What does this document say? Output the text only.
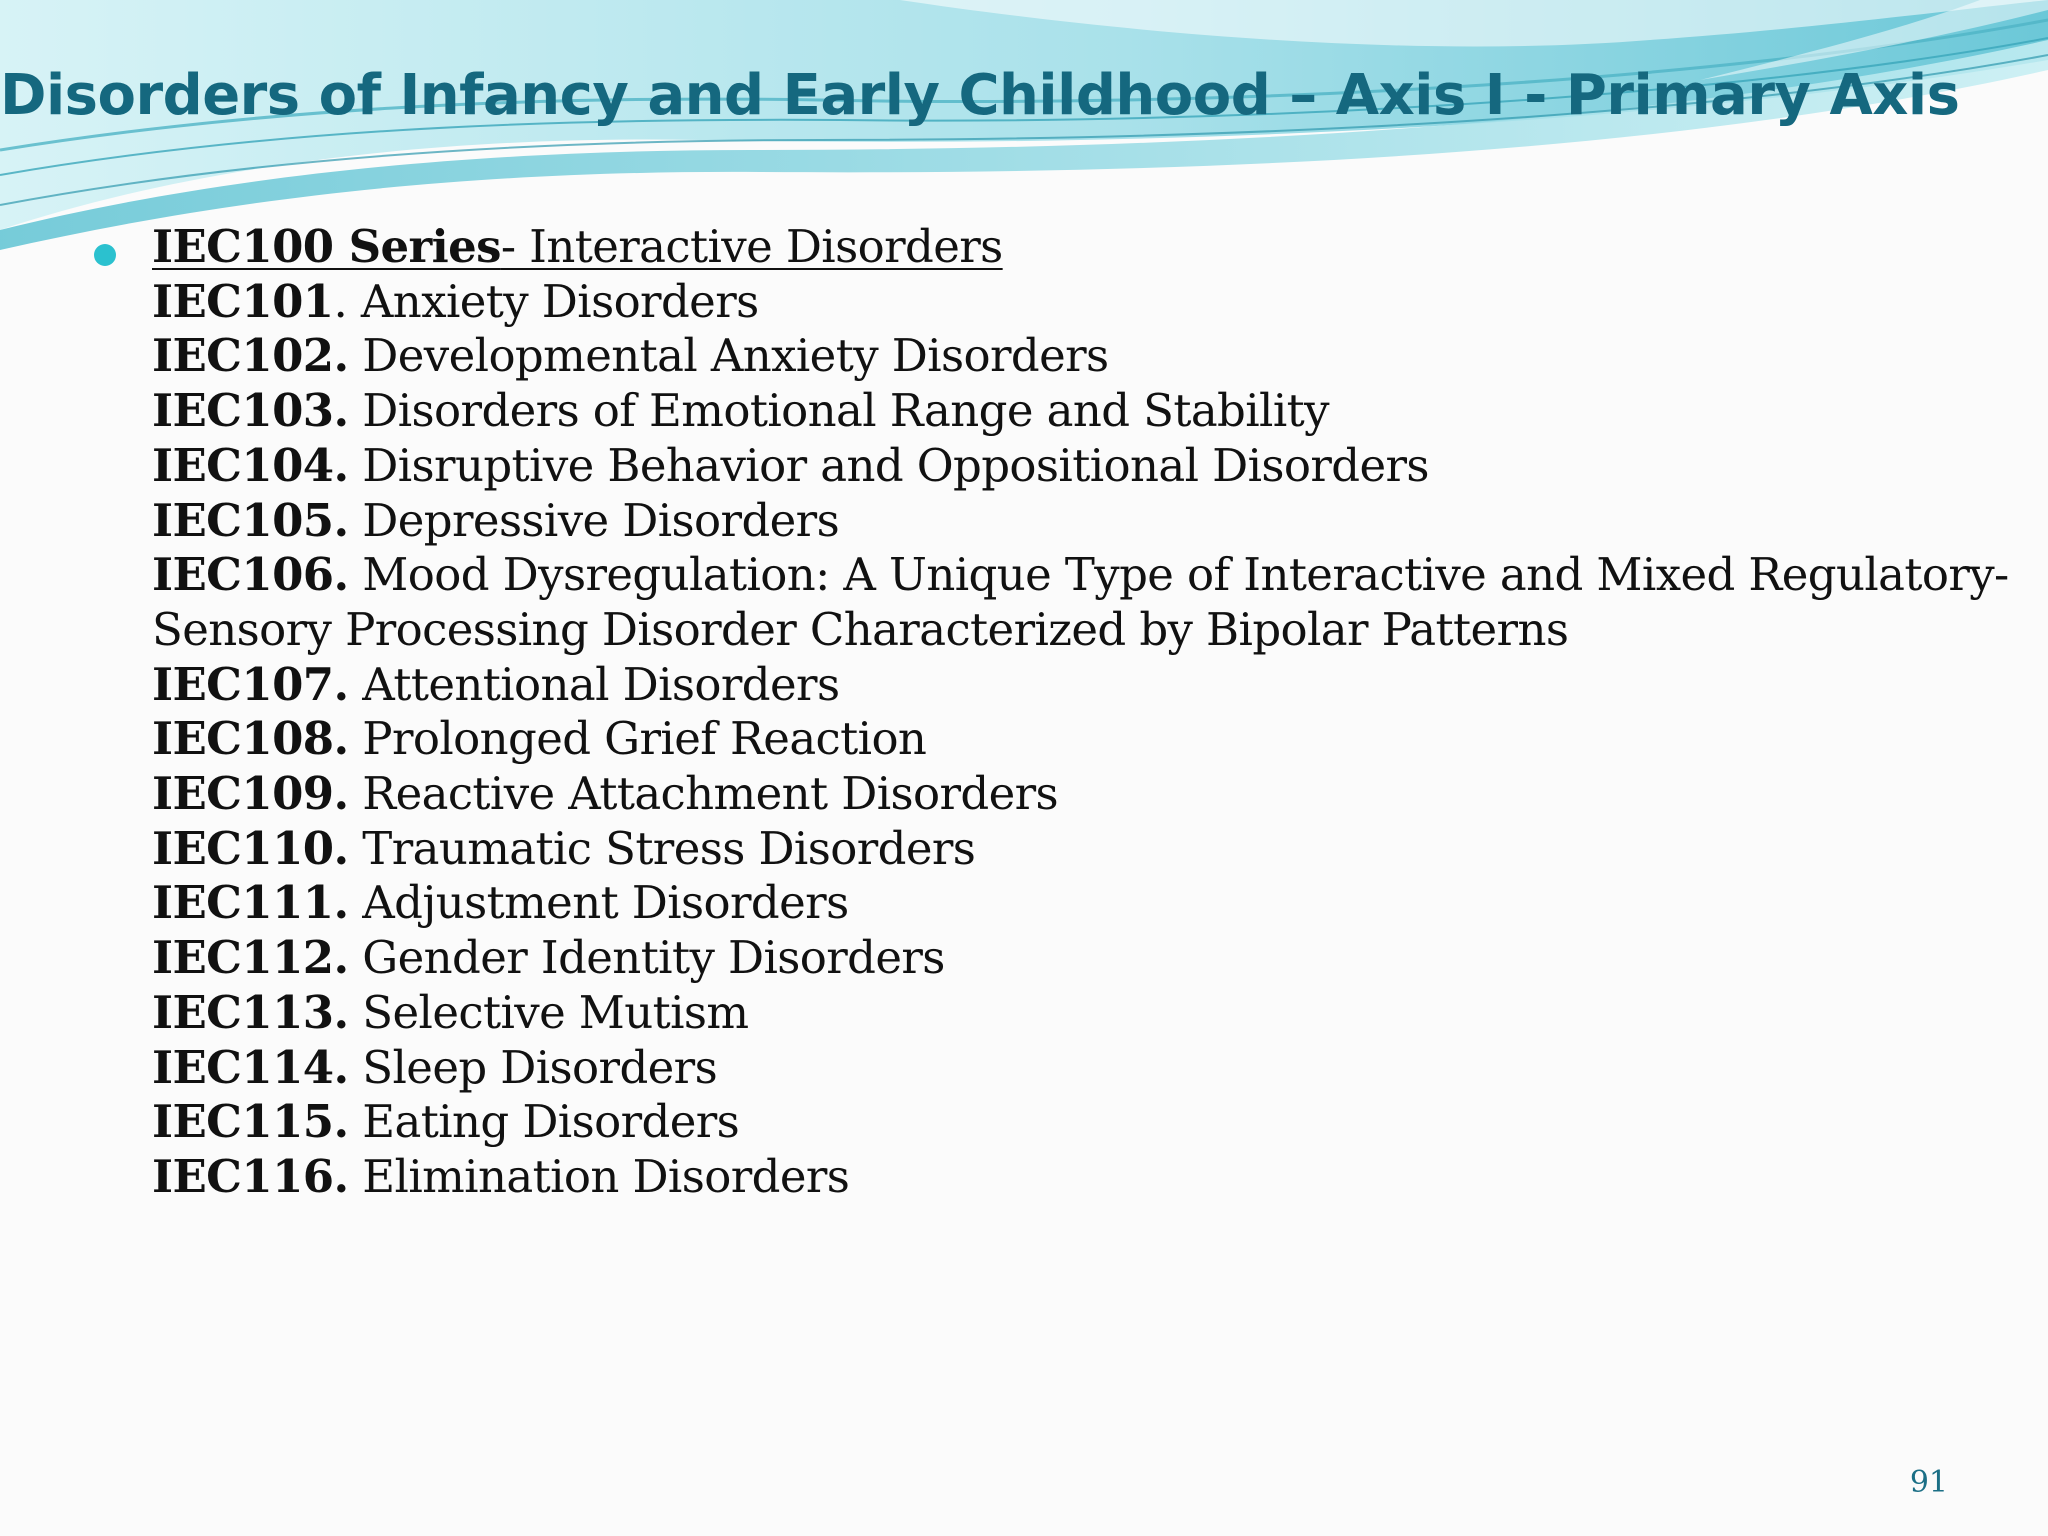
Disorders of Infancy and Early Childhood – Axis I - Primary Axis
IEC100 Series- Interactive Disorders
IEC101. Anxiety Disorders
IEC102. Developmental Anxiety Disorders
IEC103. Disorders of Emotional Range and Stability
IEC104. Disruptive Behavior and Oppositional Disorders
IEC105. Depressive Disorders
IEC106. Mood Dysregulation: A Unique Type of Interactive and Mixed Regulatory-Sensory Processing Disorder Characterized by Bipolar Patterns
IEC107. Attentional Disorders
IEC108. Prolonged Grief Reaction
IEC109. Reactive Attachment Disorders
IEC110. Traumatic Stress Disorders
IEC111. Adjustment Disorders
IEC112. Gender Identity Disorders
IEC113. Selective Mutism
IEC114. Sleep Disorders
IEC115. Eating Disorders
IEC116. Elimination Disorders
91
